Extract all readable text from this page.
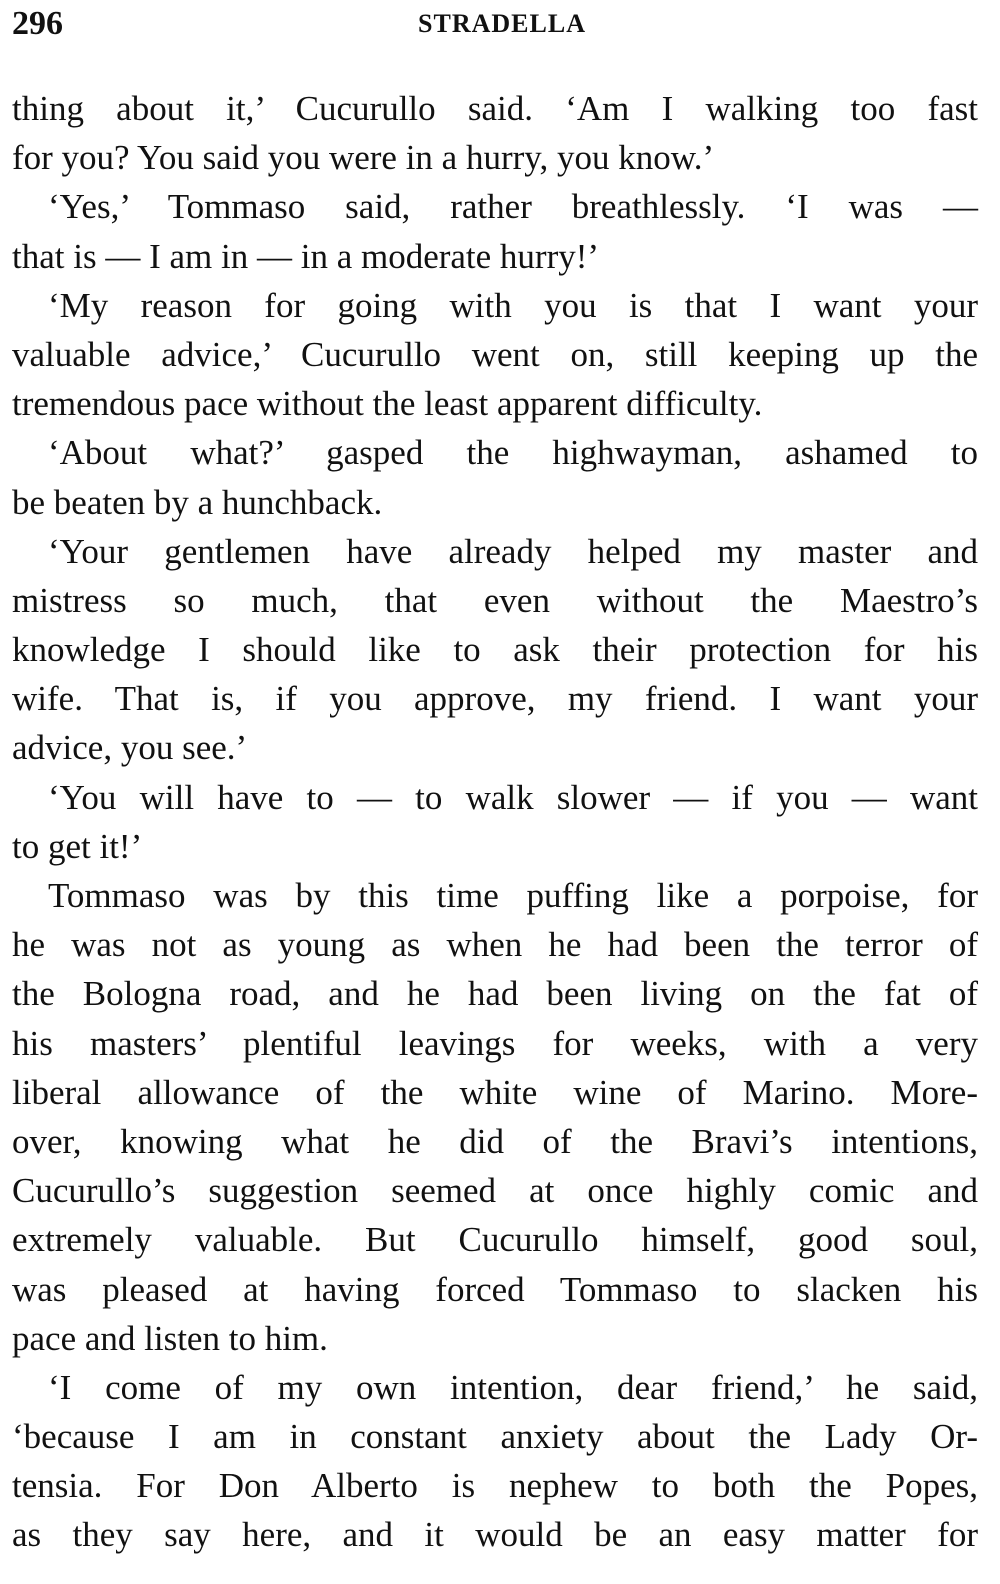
296	STRADELLA
thing about it,’ Cucurullo said. ‘Am I walking too fast
for you? You said you were in a hurry, you know.’
‘Yes,’ Tommaso said, rather breathlessly. ‘I was —
that is — I am in — in a moderate hurry!’
‘My reason for going with you is that I want your
valuable advice,’ Cucurullo went on, still keeping up the
tremendous pace without the least apparent difficulty.
‘About what?’ gasped the highwayman, ashamed to
be beaten by a hunchback.
‘Your gentlemen have already helped my master and
mistress so much, that even without the Maestro’s
knowledge I should like to ask their protection for his
wife. That is, if you approve, my friend. I want your
advice, you see.’
‘You will have to — to walk slower — if you — want
to get it!’
Tommaso was by this time puffing like a porpoise, for
he was not as young as when he had been the terror of
the Bologna road, and he had been living on the fat of
his masters’ plentiful leavings for weeks, with a very
liberal allowance of the white wine of Marino. More-
over, knowing what he did of the Bravi’s intentions,
Cucurullo’s suggestion seemed at once highly comic and
extremely valuable. But Cucurullo himself, good soul,
was pleased at having forced Tommaso to slacken his
pace and listen to him.
‘I come of my own intention, dear friend,’ he said,
‘because I am in constant anxiety about the Lady Or-
tensia. For Don Alberto is nephew to both the Popes,
as they say here, and it would be an easy matter for
